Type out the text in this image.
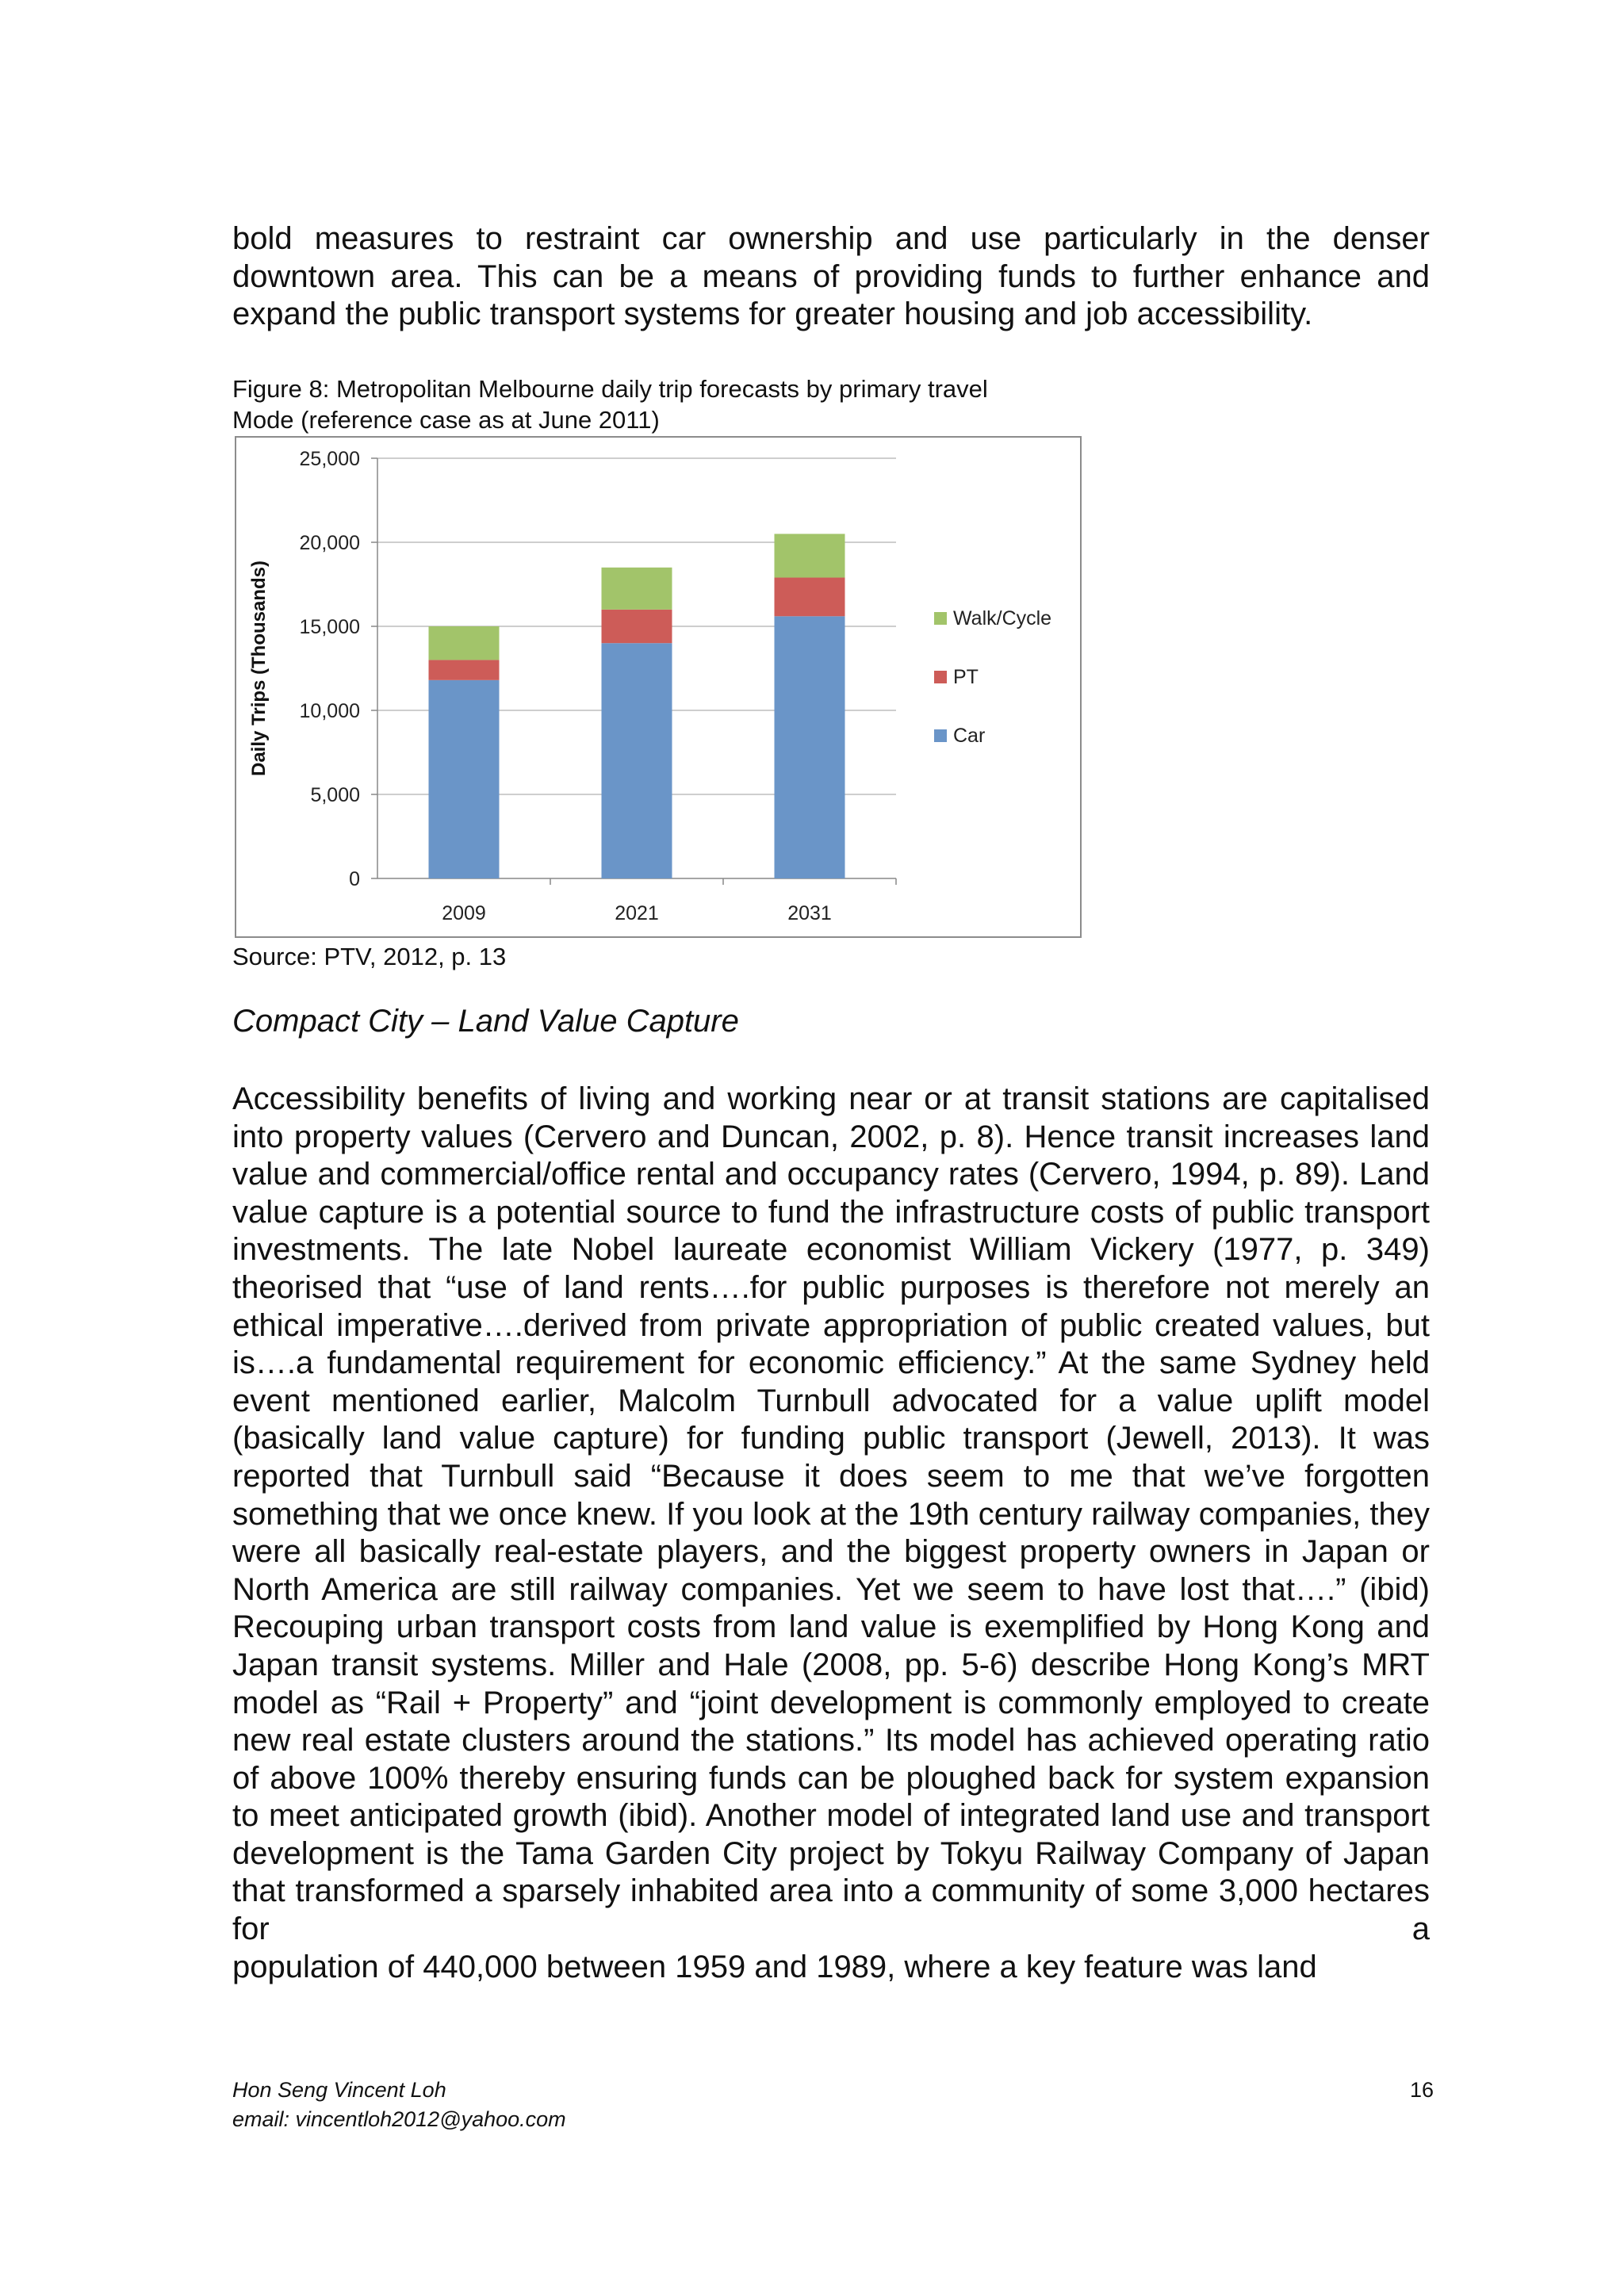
bold measures to restraint car ownership and use particularly in the denser downtown area. This can be a means of providing funds to further enhance and
expand the public transport systems for greater housing and job accessibility.
Figure 8: Metropolitan Melbourne daily trip forecasts by primary travel
Mode (reference case as at June 2011)
0
5,000
10,000
15,000
20,000
25,000
Daily Trips (Thousands)
2009	2021	2031
Walk/Cycle
PT
Car
Source: PTV, 2012, p. 13
Compact City – Land Value Capture
Accessibility benefits of living and working near or at transit stations are capitalised into property values (Cervero and Duncan, 2002, p. 8). Hence transit increases land value and commercial/office rental and occupancy rates (Cervero, 1994, p. 89). Land value capture is a potential source to fund the infrastructure costs of public transport investments. The late Nobel laureate economist William Vickery (1977, p. 349) theorised that “use of land rents….for public purposes is therefore not merely an ethical imperative….derived from private appropriation of public created values, but is….a fundamental requirement for economic efficiency.” At the same Sydney held event mentioned earlier, Malcolm Turnbull advocated for a value uplift model (basically land value capture) for funding public transport (Jewell, 2013). It was reported that Turnbull said “Because it does seem to me that we’ve forgotten something that we once knew. If you look at the 19th century railway companies, they were all basically real-estate players, and the biggest property owners in Japan or North America are still railway companies. Yet we seem to have lost that….” (ibid) Recouping urban transport costs from land value is exemplified by Hong Kong and Japan transit systems. Miller and Hale (2008, pp. 5-6) describe Hong Kong’s MRT model as “Rail + Property” and “joint development is commonly employed to create new real estate clusters around the stations.” Its model has achieved operating ratio of above 100% thereby ensuring funds can be ploughed back for system expansion to meet anticipated growth (ibid). Another model of integrated land use and transport development is the Tama Garden City project by Tokyu Railway Company of Japan that transformed a sparsely inhabited area into a community of some 3,000 hectares for a
population of 440,000 between 1959 and 1989, where a key feature was land
Hon Seng Vincent Loh
email: vincentloh2012@yahoo.com
16
